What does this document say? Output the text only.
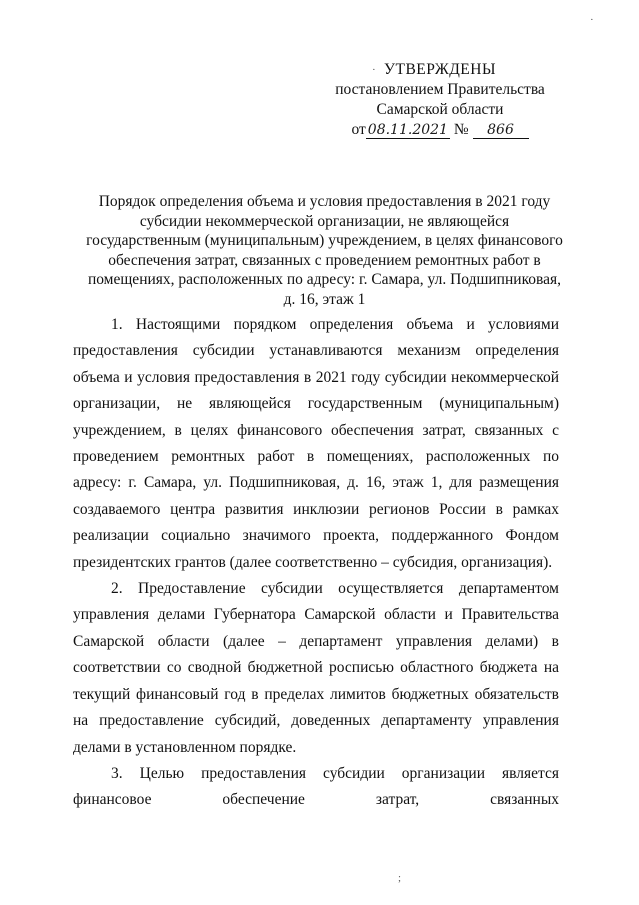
УТВЕРЖДЕНЫ
постановлением Правительства
Самарской области
от 08.11.2021 № 866
Порядок определения объема и условия предоставления в 2021 году субсидии некоммерческой организации, не являющейся государственным (муниципальным) учреждением, в целях финансового обеспечения затрат, связанных с проведением ремонтных работ в помещениях, расположенных по адресу: г. Самара, ул. Подшипниковая, д. 16, этаж 1

1. Настоящими порядком определения объема и условиями предоставления субсидии устанавливаются механизм определения объема и условия предоставления в 2021 году субсидии некоммерческой организации, не являющейся государственным (муниципальным) учреждением, в целях финансового обеспечения затрат, связанных с проведением ремонтных работ в помещениях, расположенных по адресу: г. Самара, ул. Подшипниковая, д. 16, этаж 1, для размещения создаваемого центра развития инклюзии регионов России в рамках реализации социально значимого проекта, поддержанного Фондом президентских грантов (далее соответственно – субсидия, организация).

2. Предоставление субсидии осуществляется департаментом управления делами Губернатора Самарской области и Правительства Самарской области (далее – департамент управления делами) в соответствии со сводной бюджетной росписью областного бюджета на текущий финансовый год в пределах лимитов бюджетных обязательств на предоставление субсидий, доведенных департаменту управления делами в установленном порядке.

3. Целью предоставления субсидии организации является финансовое обеспечение затрат, связанных

·
·
;
